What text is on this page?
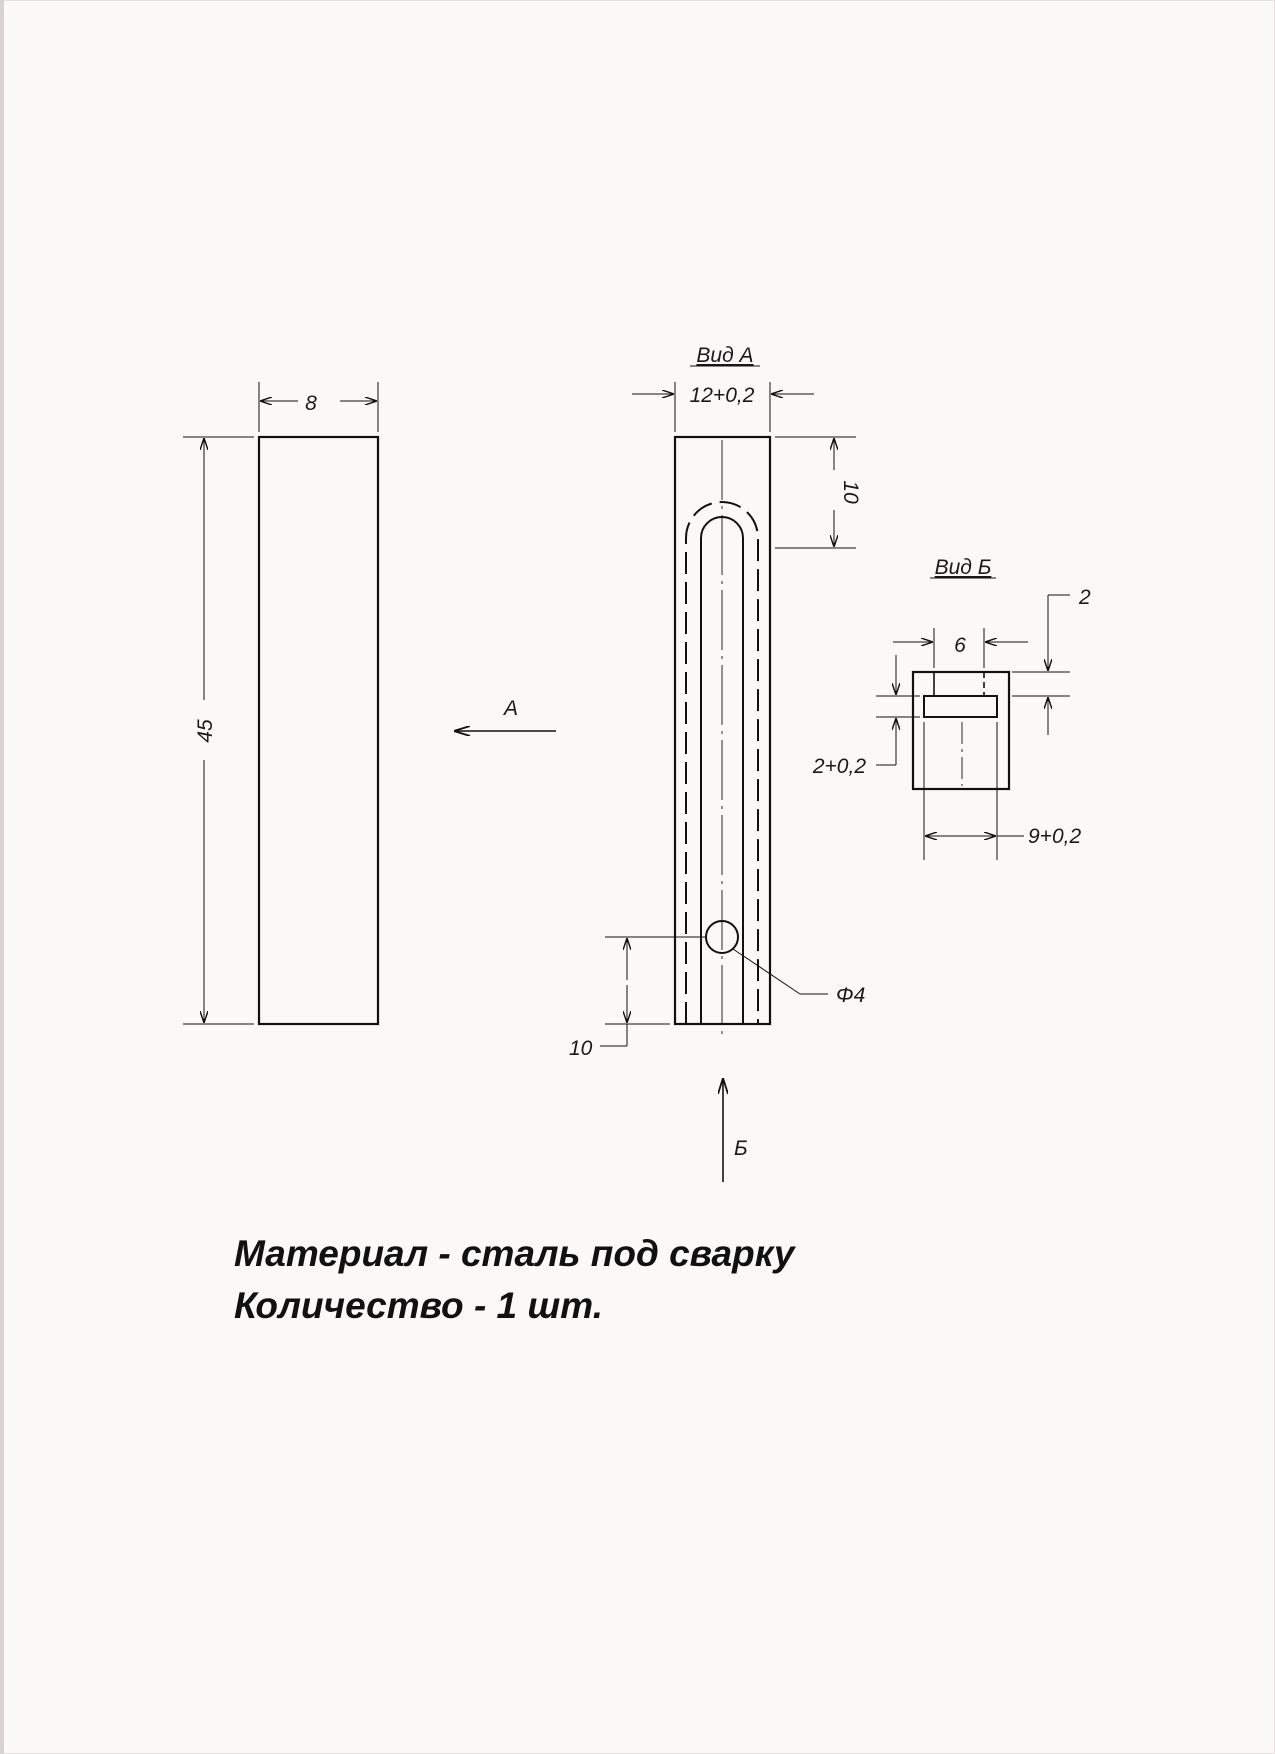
8
45
А
Вид А
Φ4
12+0,2
10
10
Б
Вид Б
6
2
2+0,2
9+0,2
Материал - сталь под сварку
Количество - 1 шт.
